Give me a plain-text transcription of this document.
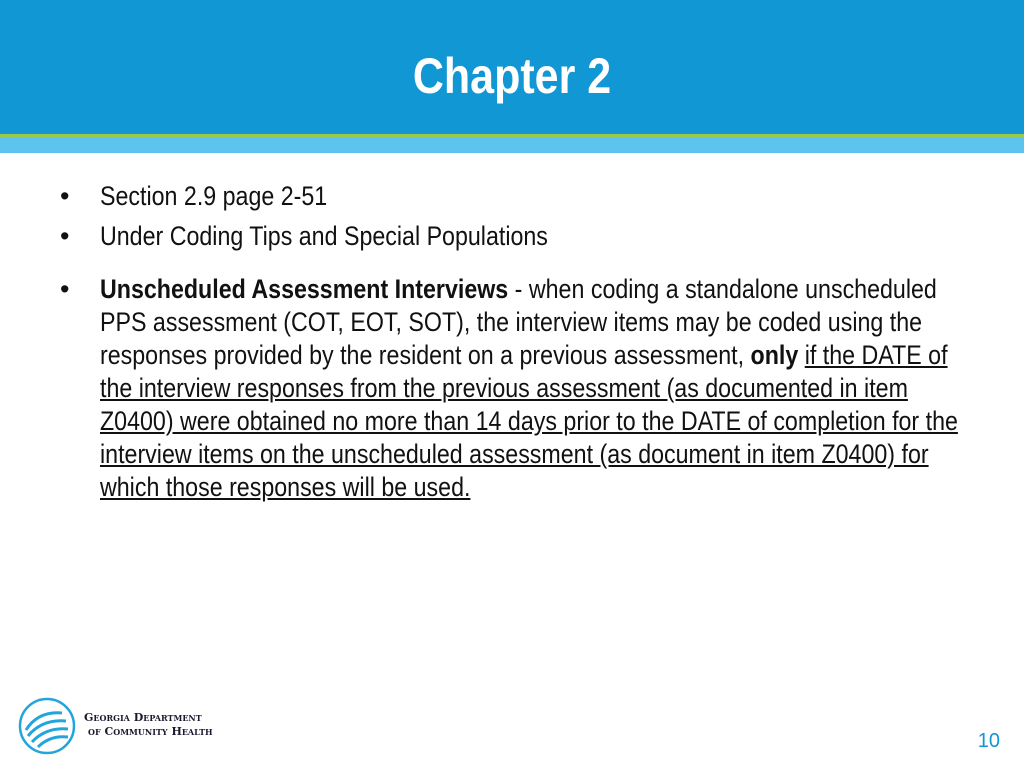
Chapter 2
•	Section 2.9 page 2-51
•	Under Coding Tips and Special Populations
•	Unscheduled Assessment Interviews - when coding a standalone unscheduled PPS assessment (COT, EOT, SOT), the interview items may be coded using the responses provided by the resident on a previous assessment, only if the DATE of the interview responses from the previous assessment (as documented in item Z0400) were obtained no more than 14 days prior to the DATE of completion for the interview items on the unscheduled assessment (as document in item Z0400) for which those responses will be used.
Georgia Department
of Community Health	10
